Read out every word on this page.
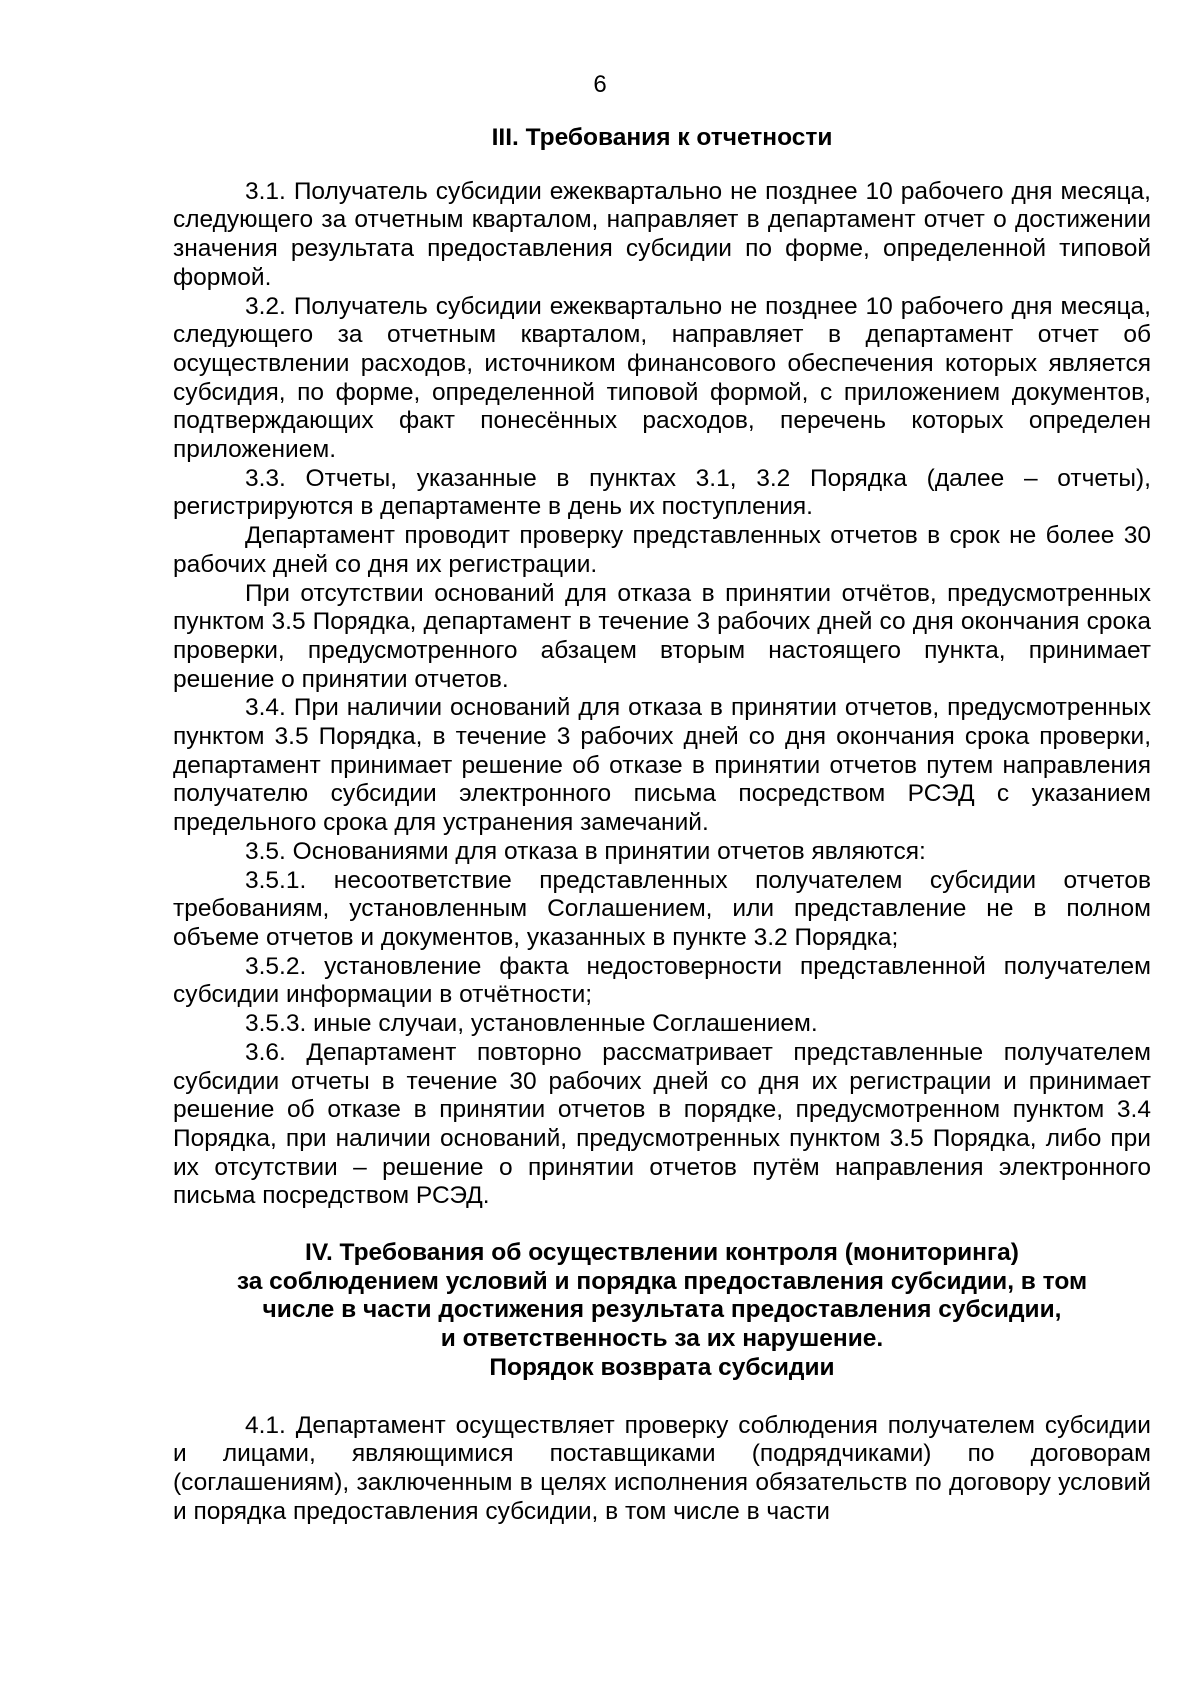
6

III. Требования к отчетности

3.1. Получатель субсидии ежеквартально не позднее 10 рабочего дня месяца, следующего за отчетным кварталом, направляет в департамент отчет о достижении значения результата предоставления субсидии по форме, определенной типовой формой.

3.2. Получатель субсидии ежеквартально не позднее 10 рабочего дня месяца, следующего за отчетным кварталом, направляет в департамент отчет об осуществлении расходов, источником финансового обеспечения которых является субсидия, по форме, определенной типовой формой, с приложением документов, подтверждающих факт понесённых расходов, перечень которых определен приложением.

3.3. Отчеты, указанные в пунктах 3.1, 3.2 Порядка (далее – отчеты), регистрируются в департаменте в день их поступления.

Департамент проводит проверку представленных отчетов в срок не более 30 рабочих дней со дня их регистрации.

При отсутствии оснований для отказа в принятии отчётов, предусмотренных пунктом 3.5 Порядка, департамент в течение 3 рабочих дней со дня окончания срока проверки, предусмотренного абзацем вторым настоящего пункта, принимает решение о принятии отчетов.

3.4. При наличии оснований для отказа в принятии отчетов, предусмотренных пунктом 3.5 Порядка, в течение 3 рабочих дней со дня окончания срока проверки, департамент принимает решение об отказе в принятии отчетов путем направления получателю субсидии электронного письма посредством РСЭД с указанием предельного срока для устранения замечаний.

3.5. Основаниями для отказа в принятии отчетов являются:

3.5.1. несоответствие представленных получателем субсидии отчетов требованиям, установленным Соглашением, или представление не в полном объеме отчетов и документов, указанных в пункте 3.2 Порядка;

3.5.2. установление факта недостоверности представленной получателем субсидии информации в отчётности;

3.5.3. иные случаи, установленные Соглашением.

3.6. Департамент повторно рассматривает представленные получателем субсидии отчеты в течение 30 рабочих дней со дня их регистрации и принимает решение об отказе в принятии отчетов в порядке, предусмотренном пунктом 3.4 Порядка, при наличии оснований, предусмотренных пунктом 3.5 Порядка, либо при их отсутствии – решение о принятии отчетов путём направления электронного письма посредством РСЭД.

IV. Требования об осуществлении контроля (мониторинга)
за соблюдением условий и порядка предоставления субсидии, в том
числе в части достижения результата предоставления субсидии,
и ответственность за их нарушение.
Порядок возврата субсидии

4.1. Департамент осуществляет проверку соблюдения получателем субсидии и лицами, являющимися поставщиками (подрядчиками) по договорам (соглашениям), заключенным в целях исполнения обязательств по договору условий и порядка предоставления субсидии, в том числе в части
